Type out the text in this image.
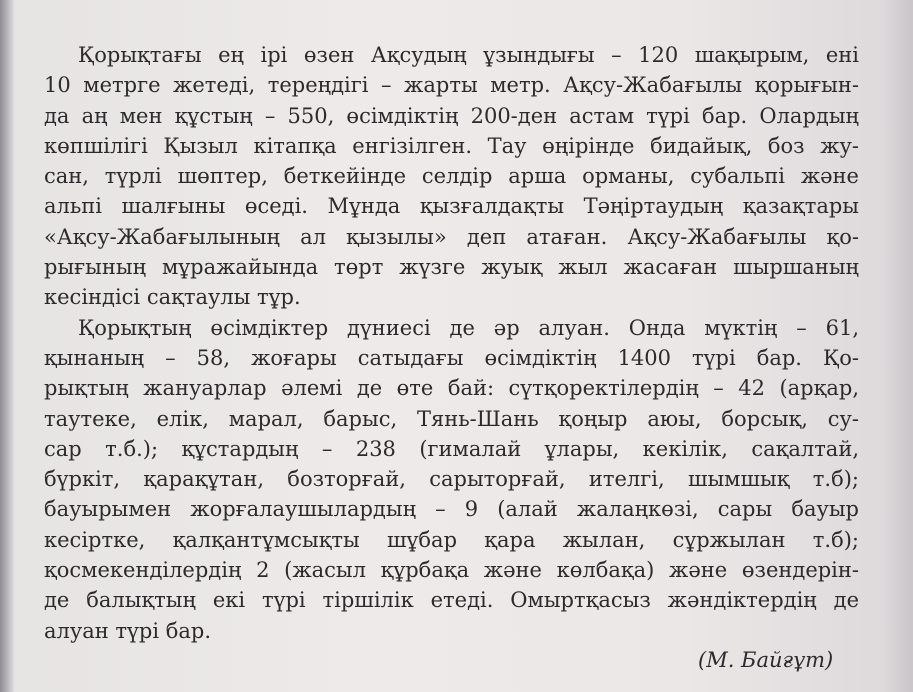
Қорықтағы ең ірі өзен Ақсудың ұзындығы – 120 шақырым, ені
10 метрге жетеді, тереңдігі – жарты метр. Ақсу-Жабағылы қорығын-
да аң мен құстың – 550, өсімдіктің 200-ден астам түрі бар. Олардың
көпшілігі Қызыл кітапқа енгізілген. Тау өңірінде бидайық, боз жу-
сан, түрлі шөптер, беткейінде селдір арша орманы, субальпі және
альпі шалғыны өседі. Мұнда қызғалдақты Тәңіртаудың қазақтары
«Ақсу-Жабағылының ал қызылы» деп атаған. Ақсу-Жабағылы қо-
рығының мұражайында төрт жүзге жуық жыл жасаған шыршаның
кесіндісі сақтаулы тұр.
Қорықтың өсімдіктер дүниесі де әр алуан. Онда мүктің – 61,
қынаның – 58, жоғары сатыдағы өсімдіктің 1400 түрі бар. Қо-
рықтың жануарлар әлемі де өте бай: сүтқоректілердің – 42 (арқар,
таутеке, елік, марал, барыс, Тянь-Шань қоңыр аюы, борсық, су-
сар т.б.); құстардың – 238 (гималай ұлары, кекілік, сақалтай,
бүркіт, қарақұтан, бозторғай, сарыторғай, ителгі, шымшық т.б);
бауырымен жорғалаушылардың – 9 (алай жалаңкөзі, сары бауыр
кесіртке, қалқантұмсықты шұбар қара жылан, сұржылан т.б);
қосмекенділердің 2 (жасыл құрбақа және көлбақа) және өзендерін-
де балықтың екі түрі тіршілік етеді. Омыртқасыз жәндіктердің де
алуан түрі бар.
(М. Байғұт)
